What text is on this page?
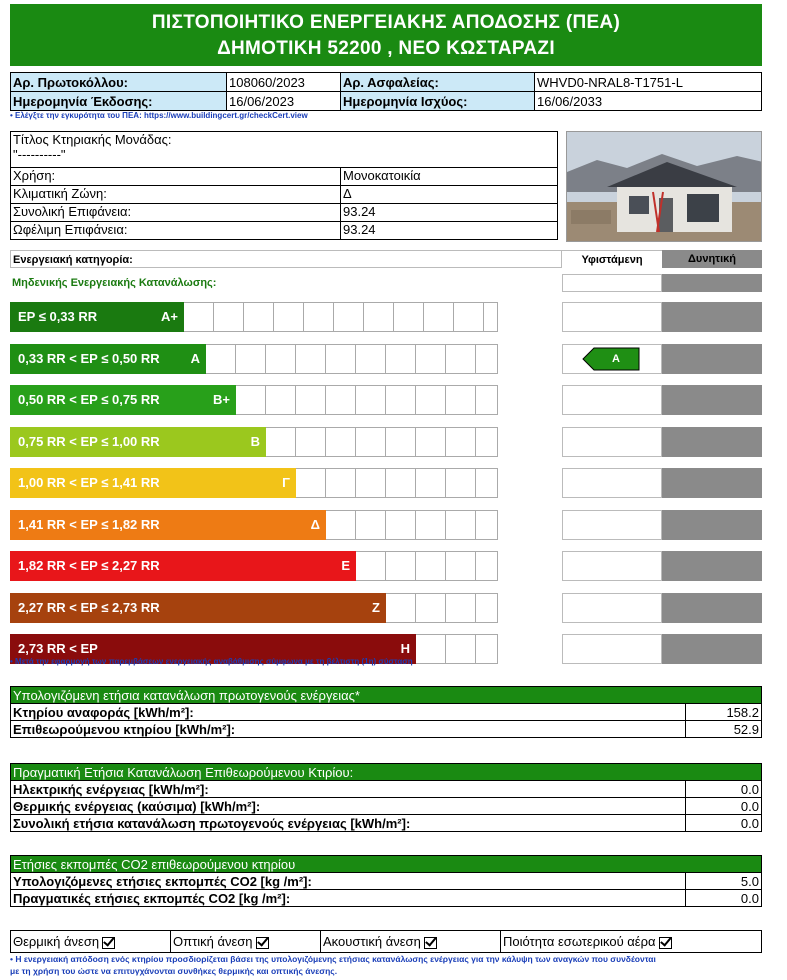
ΠΙΣΤΟΠΟΙΗΤΙΚΟ ΕΝΕΡΓΕΙΑΚΗΣ ΑΠΟΔΟΣΗΣ (ΠΕΑ)
ΔΗΜΟΤΙΚΗ 52200 , ΝΕΟ ΚΩΣΤΑΡΑΖΙ
Αρ. Πρωτοκόλλου:	108060/2023	Αρ. Ασφαλείας:	WHVD0-NRAL8-T1751-L
Ημερομηνία Έκδοσης:	16/06/2023	Ημερομηνία Ισχύος:	16/06/2033
• Ελέγξτε την εγκυρότητα του ΠΕΑ: https://www.buildingcert.gr/checkCert.view
Τίτλος Κτηριακής Μονάδας:
"----------"	

Χρήση:	Μονοκατοικία
Κλιματική Ζώνη:	Δ
Συνολική Επιφάνεια:	93.24
Ωφέλιμη Επιφάνεια:	93.24
Ενεργειακή κατηγορία:	Υφιστάμενη	Δυνητική
Μηδενικής Ενεργειακής Κατανάλωσης:
EP ≤ 0,33 RR	A+
0,33 RR < EP ≤ 0,50 RR A
0,50 RR < EP ≤ 0,75 RR	B+
0,75 RR < EP ≤ 1,00 RR	B
1,00 RR < EP ≤ 1,41 RR	Γ
1,41 RR < EP ≤ 1,82 RR	Δ
1,82 RR < EP ≤ 2,27 RR	Ε
2,27 RR < EP ≤ 2,73 RR	Ζ
2,73 RR < EP	Η
A
• Μετά την εφαρμογή των παρεμβάσεων ενεργειακής αναβάθμισης σύμφωνα με τη βέλτιστη (1η) σύσταση
Υπολογιζόμενη ετήσια κατανάλωση πρωτογενούς ενέργειας*	
Κτηρίου αναφοράς [kWh/m²]:	158.2
Επιθεωρούμενου κτηρίου [kWh/m²]:	52.9
Πραγματική Ετήσια Κατανάλωση Επιθεωρούμενου Κτιρίου:	
Ηλεκτρικής ενέργειας [kWh/m²]:	0.0
Θερμικής ενέργειας (καύσιμα) [kWh/m²]:	0.0
Συνολική ετήσια κατανάλωση πρωτογενούς ενέργειας [kWh/m²]:	0.0
Ετήσιες εκπομπές CO2 επιθεωρούμενου κτηρίου	
Υπολογιζόμενες ετήσιες εκπομπές CO2 [kg /m²]:	5.0
Πραγματικές ετήσιες εκπομπές CO2 [kg /m²]:	0.0
Θερμική άνεση	Οπτική άνεση	Ακουστική άνεση	Ποιότητα εσωτερικού αέρα
• Η ενεργειακή απόδοση ενός κτηρίου προσδιορίζεται βάσει της υπολογιζόμενης ετήσιας κατανάλωσης ενέργειας για την κάλυψη των αναγκών που συνδέονται
με τη χρήση του ώστε να επιτυγχάνονται συνθήκες θερμικής και οπτικής άνεσης.
